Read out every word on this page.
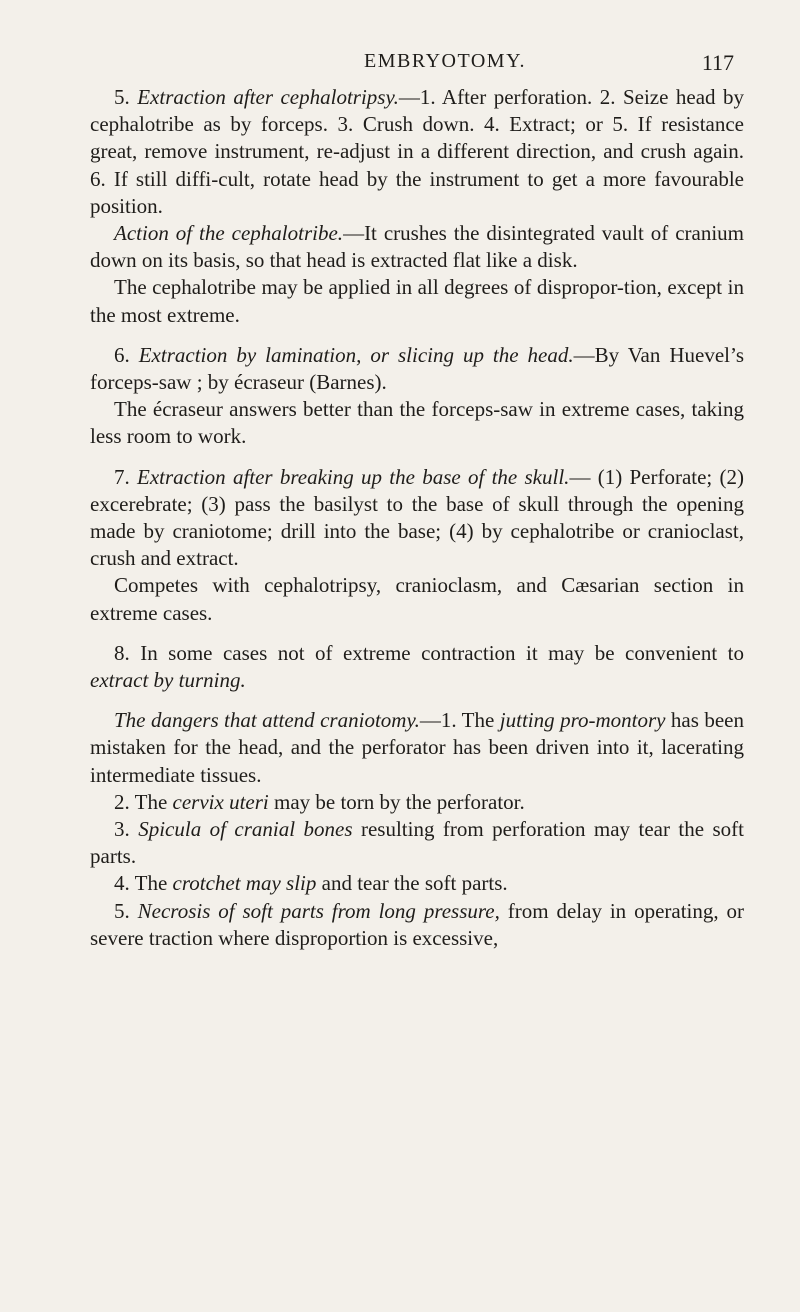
EMBRYOTOMY.	117

5. Extraction after cephalotripsy.—1. After perforation. 2. Seize head by cephalotribe as by forceps. 3. Crush down. 4. Extract; or 5. If resistance great, remove instrument, re-adjust in a different direction, and crush again. 6. If still diffi-cult, rotate head by the instrument to get a more favourable position.

Action of the cephalotribe.—It crushes the disintegrated vault of cranium down on its basis, so that head is extracted flat like a disk.

The cephalotribe may be applied in all degrees of dispropor-tion, except in the most extreme.

6. Extraction by lamination, or slicing up the head.—By Van Huevel’s forceps-saw ; by écraseur (Barnes).

The écraseur answers better than the forceps-saw in extreme cases, taking less room to work.

7. Extraction after breaking up the base of the skull.— (1) Perforate; (2) excerebrate; (3) pass the basilyst to the base of skull through the opening made by craniotome; drill into the base; (4) by cephalotribe or cranioclast, crush and extract.

Competes with cephalotripsy, cranioclasm, and Cæsarian section in extreme cases.

8. In some cases not of extreme contraction it may be convenient to extract by turning.

The dangers that attend craniotomy.—1. The jutting pro-montory has been mistaken for the head, and the perforator has been driven into it, lacerating intermediate tissues.

2. The cervix uteri may be torn by the perforator.

3. Spicula of cranial bones resulting from perforation may tear the soft parts.

4. The crotchet may slip and tear the soft parts.

5. Necrosis of soft parts from long pressure, from delay in operating, or severe traction where disproportion is excessive,
